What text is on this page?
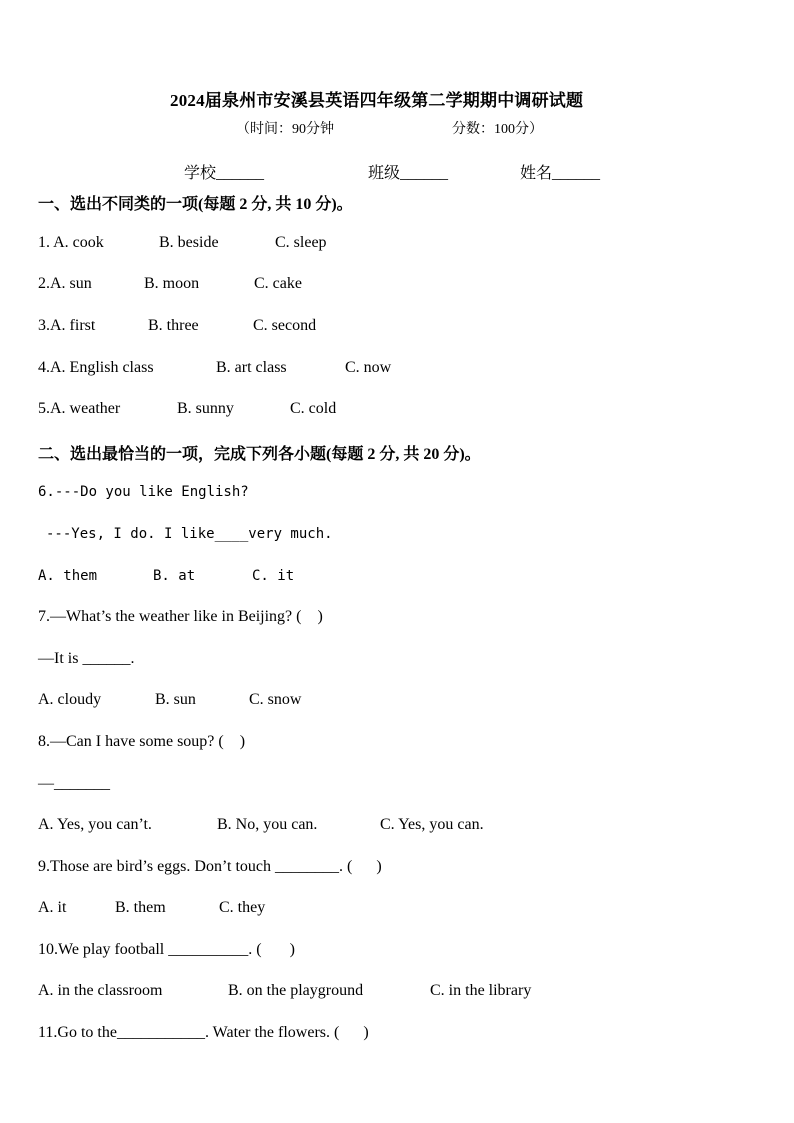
2024届泉州市安溪县英语四年级第二学期期中调研试题
（时间：90分钟	分数：100分）
学校______	班级______	姓名______
一、选出不同类的一项(每题 2 分, 共 10 分)。
1. A. cook	B. beside	C. sleep
2.A. sun	B. moon	C. cake
3.A. first	B. three	C. second
4.A. English class	B. art class	C. now
5.A. weather	B. sunny	C. cold
二、选出最恰当的一项，完成下列各小题(每题 2 分, 共 20 分)。
6.---Do you like English?
---Yes, I do. I like____very much.
A. them	B. at	C. it
7.—What’s the weather like in Beijing? (    )
—It is ______.
A. cloudy	B. sun	C. snow
8.—Can I have some soup? (    )
—_______
A. Yes, you can’t.	B. No, you can.	C. Yes, you can.
9.Those are bird’s eggs. Don’t touch ________. (      )
A. it	B. them	C. they
10.We play football __________. (       )
A. in the classroom	B. on the playground	C. in the library
11.Go to the___________. Water the flowers. (      )
